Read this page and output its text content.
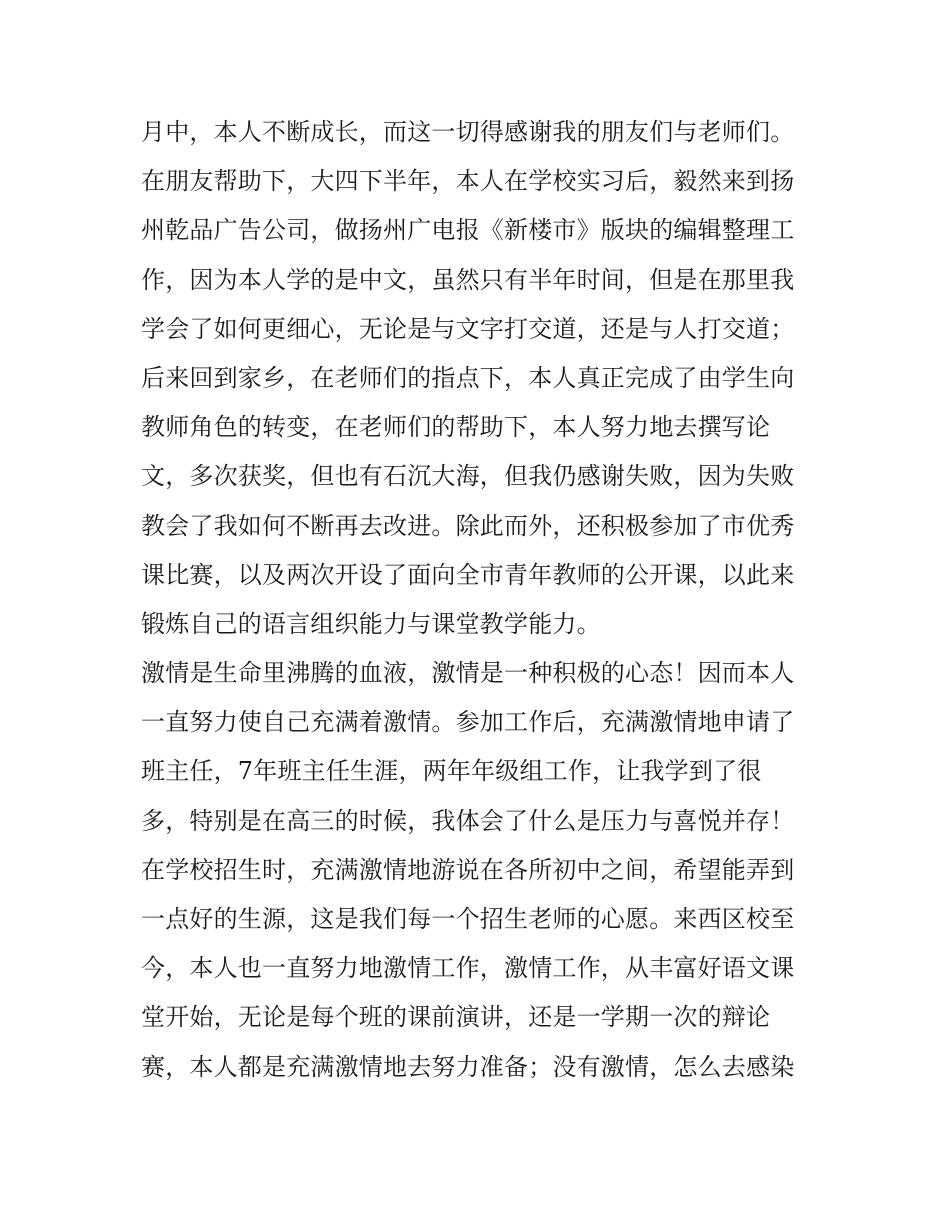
月中，本人不断成长，而这一切得感谢我的朋友们与老师们。
在朋友帮助下，大四下半年，本人在学校实习后，毅然来到扬
州乾品广告公司，做扬州广电报《新楼市》版块的编辑整理工
作，因为本人学的是中文，虽然只有半年时间，但是在那里我
学会了如何更细心，无论是与文字打交道，还是与人打交道；
后来回到家乡，在老师们的指点下，本人真正完成了由学生向
教师角色的转变，在老师们的帮助下，本人努力地去撰写论
文，多次获奖，但也有石沉大海，但我仍感谢失败，因为失败
教会了我如何不断再去改进。除此而外，还积极参加了市优秀
课比赛，以及两次开设了面向全市青年教师的公开课，以此来
锻炼自己的语言组织能力与课堂教学能力。
激情是生命里沸腾的血液，激情是一种积极的心态！因而本人
一直努力使自己充满着激情。参加工作后，充满激情地申请了
班主任，7年班主任生涯，两年年级组工作，让我学到了很
多，特别是在高三的时候，我体会了什么是压力与喜悦并存！
在学校招生时，充满激情地游说在各所初中之间，希望能弄到
一点好的生源，这是我们每一个招生老师的心愿。来西区校至
今，本人也一直努力地激情工作，激情工作，从丰富好语文课
堂开始，无论是每个班的课前演讲，还是一学期一次的辩论
赛，本人都是充满激情地去努力准备；没有激情，怎么去感染
